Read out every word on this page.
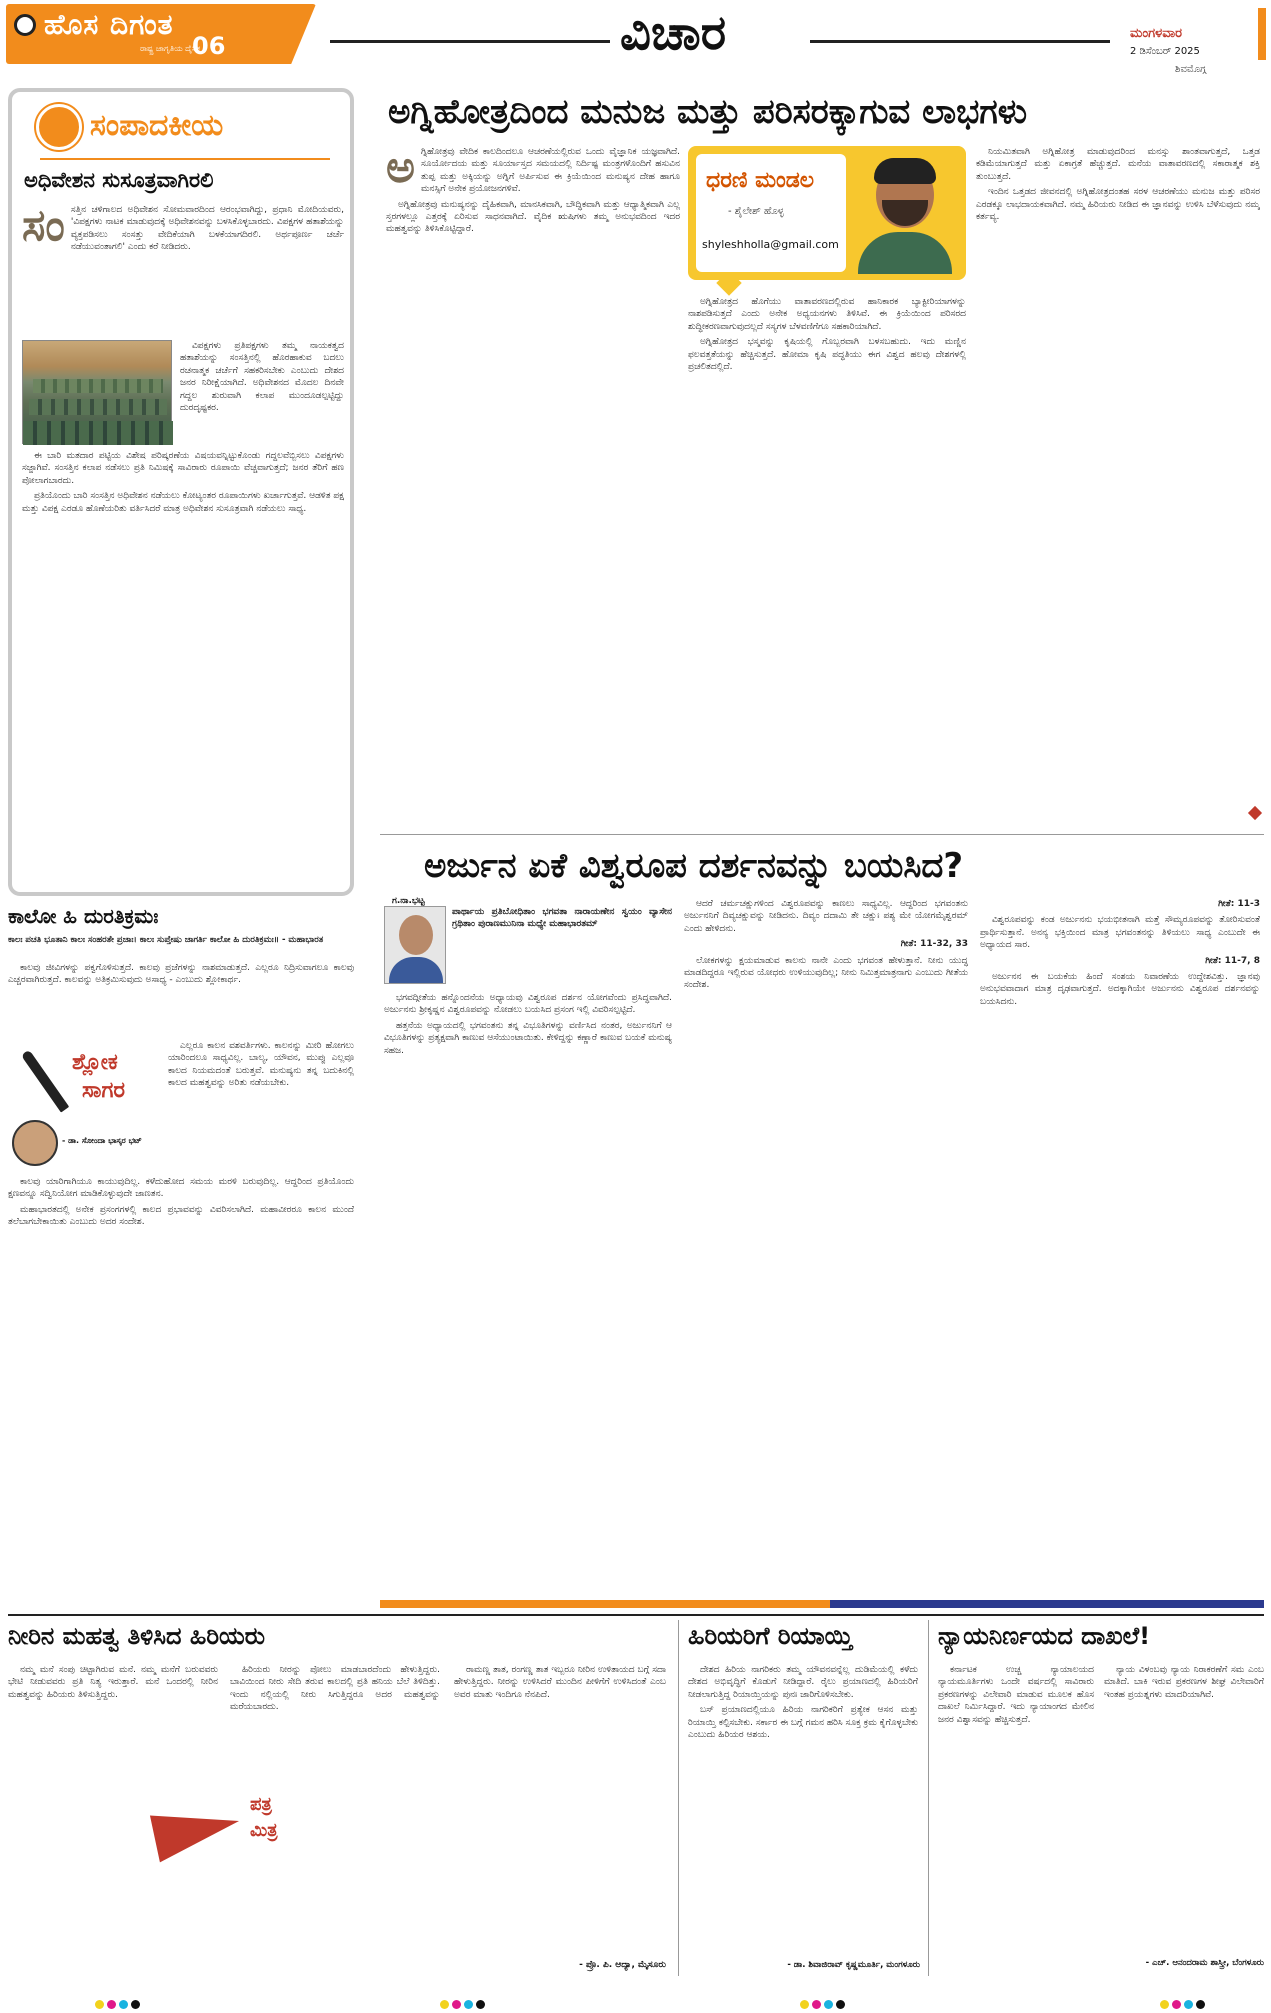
ಹೊಸ ದಿಗಂತ
ರಾಷ್ಟ್ರ ಜಾಗೃತಿಯ ದೈನಿಕ
06	ವಿಚಾರ	ಮಂಗಳವಾರ
2 ಡಿಸೆಂಬರ್ 2025
ಶಿವಮೊಗ್ಗ
ಸಂಪಾದಕೀಯ
ಅಧಿವೇಶನ ಸುಸೂತ್ರವಾಗಿರಲಿ
ಸಂ ಸತ್ತಿನ ಚಳಿಗಾಲದ ಅಧಿವೇಶನ ಸೋಮವಾರದಿಂದ ಆರಂಭವಾಗಿದ್ದು, ಪ್ರಧಾನಿ ಮೋದಿಯವರು, 'ವಿಪಕ್ಷಗಳು ನಾಟಕ ಮಾಡುವುದಕ್ಕೆ ಅಧಿವೇಶನವನ್ನು ಬಳಸಿಕೊಳ್ಳಬಾರದು. ವಿಪಕ್ಷಗಳ ಹತಾಶೆಯನ್ನು ವ್ಯಕ್ತಪಡಿಸಲು ಸಂಸತ್ತು ವೇದಿಕೆಯಾಗಿ ಬಳಕೆಯಾಗದಿರಲಿ. ಅರ್ಥಪೂರ್ಣ ಚರ್ಚೆ ನಡೆಯುವಂತಾಗಲಿ' ಎಂದು ಕರೆ ನೀಡಿದರು.

ವಿಪಕ್ಷಗಳು ಪ್ರತಿಪಕ್ಷಗಳು ತಮ್ಮ ನಾಯಕತ್ವದ ಹತಾಶೆಯನ್ನು ಸಂಸತ್ತಿನಲ್ಲಿ ಹೊರಹಾಕುವ ಬದಲು ರಚನಾತ್ಮಕ ಚರ್ಚೆಗೆ ಸಹಕರಿಸಬೇಕು ಎಂಬುದು ದೇಶದ ಜನರ ನಿರೀಕ್ಷೆಯಾಗಿದೆ. ಅಧಿವೇಶನದ ಮೊದಲ ದಿನವೇ ಗದ್ದಲ ಶುರುವಾಗಿ ಕಲಾಪ ಮುಂದೂಡಲ್ಪಟ್ಟಿದ್ದು ದುರದೃಷ್ಟಕರ.

ಈ ಬಾರಿ ಮತದಾರ ಪಟ್ಟಿಯ ವಿಶೇಷ ಪರಿಷ್ಕರಣೆಯ ವಿಷಯವನ್ನಿಟ್ಟುಕೊಂಡು ಗದ್ದಲವೆಬ್ಬಿಸಲು ವಿಪಕ್ಷಗಳು ಸಜ್ಜಾಗಿವೆ. ಸಂಸತ್ತಿನ ಕಲಾಪ ನಡೆಸಲು ಪ್ರತಿ ನಿಮಿಷಕ್ಕೆ ಸಾವಿರಾರು ರೂಪಾಯಿ ವೆಚ್ಚವಾಗುತ್ತದೆ; ಜನರ ತೆರಿಗೆ ಹಣ ಪೋಲಾಗಬಾರದು.

ಪ್ರತಿಯೊಂದು ಬಾರಿ ಸಂಸತ್ತಿನ ಅಧಿವೇಶನ ನಡೆಯಲು ಕೋಟ್ಯಂತರ ರೂಪಾಯಿಗಳು ಖರ್ಚಾಗುತ್ತವೆ. ಆಡಳಿತ ಪಕ್ಷ ಮತ್ತು ವಿಪಕ್ಷ ಎರಡೂ ಹೊಣೆಯರಿತು ವರ್ತಿಸಿದರೆ ಮಾತ್ರ ಅಧಿವೇಶನ ಸುಸೂತ್ರವಾಗಿ ನಡೆಯಲು ಸಾಧ್ಯ.

ಅಗ್ನಿಹೋತ್ರದಿಂದ ಮನುಜ ಮತ್ತು ಪರಿಸರಕ್ಕಾಗುವ ಲಾಭಗಳು
ಅ ಗ್ನಿಹೋತ್ರವು ವೇದಿಕ ಕಾಲದಿಂದಲೂ ಆಚರಣೆಯಲ್ಲಿರುವ ಒಂದು ವೈಜ್ಞಾನಿಕ ಯಜ್ಞವಾಗಿದೆ. ಸೂರ್ಯೋದಯ ಮತ್ತು ಸೂರ್ಯಾಸ್ತದ ಸಮಯದಲ್ಲಿ ನಿರ್ದಿಷ್ಟ ಮಂತ್ರಗಳೊಂದಿಗೆ ಹಸುವಿನ ತುಪ್ಪ ಮತ್ತು ಅಕ್ಕಿಯನ್ನು ಅಗ್ನಿಗೆ ಅರ್ಪಿಸುವ ಈ ಕ್ರಿಯೆಯಿಂದ ಮನುಷ್ಯನ ದೇಹ ಹಾಗೂ ಮನಸ್ಸಿಗೆ ಅನೇಕ ಪ್ರಯೋಜನಗಳಿವೆ.

ಅಗ್ನಿಹೋತ್ರವು ಮನುಷ್ಯನನ್ನು ದೈಹಿಕವಾಗಿ, ಮಾನಸಿಕವಾಗಿ, ಬೌದ್ಧಿಕವಾಗಿ ಮತ್ತು ಆಧ್ಯಾತ್ಮಿಕವಾಗಿ ಎಲ್ಲ ಸ್ತರಗಳಲ್ಲೂ ಎತ್ತರಕ್ಕೆ ಏರಿಸುವ ಸಾಧನವಾಗಿದೆ. ವೈದಿಕ ಋಷಿಗಳು ತಮ್ಮ ಅನುಭವದಿಂದ ಇದರ ಮಹತ್ವವನ್ನು ತಿಳಿಸಿಕೊಟ್ಟಿದ್ದಾರೆ.

ಧರಣಿ ಮಂಡಲ
- ಶೈಲೇಶ್ ಹೊಳ್ಳ
shyleshholla@gmail.com

ಅಗ್ನಿಹೋತ್ರದ ಹೊಗೆಯು ವಾತಾವರಣದಲ್ಲಿರುವ ಹಾನಿಕಾರಕ ಬ್ಯಾಕ್ಟೀರಿಯಾಗಳನ್ನು ನಾಶಪಡಿಸುತ್ತದೆ ಎಂದು ಅನೇಕ ಅಧ್ಯಯನಗಳು ತಿಳಿಸಿವೆ. ಈ ಕ್ರಿಯೆಯಿಂದ ಪರಿಸರದ ಶುದ್ಧೀಕರಣವಾಗುವುದಲ್ಲದೆ ಸಸ್ಯಗಳ ಬೆಳವಣಿಗೆಗೂ ಸಹಕಾರಿಯಾಗಿದೆ.

ಅಗ್ನಿಹೋತ್ರದ ಭಸ್ಮವನ್ನು ಕೃಷಿಯಲ್ಲಿ ಗೊಬ್ಬರವಾಗಿ ಬಳಸಬಹುದು. ಇದು ಮಣ್ಣಿನ ಫಲವತ್ತತೆಯನ್ನು ಹೆಚ್ಚಿಸುತ್ತದೆ. ಹೋಮಾ ಕೃಷಿ ಪದ್ಧತಿಯು ಈಗ ವಿಶ್ವದ ಹಲವು ದೇಶಗಳಲ್ಲಿ ಪ್ರಚಲಿತದಲ್ಲಿದೆ.

ನಿಯಮಿತವಾಗಿ ಅಗ್ನಿಹೋತ್ರ ಮಾಡುವುದರಿಂದ ಮನಸ್ಸು ಶಾಂತವಾಗುತ್ತದೆ, ಒತ್ತಡ ಕಡಿಮೆಯಾಗುತ್ತದೆ ಮತ್ತು ಏಕಾಗ್ರತೆ ಹೆಚ್ಚುತ್ತದೆ. ಮನೆಯ ವಾತಾವರಣದಲ್ಲಿ ಸಕಾರಾತ್ಮಕ ಶಕ್ತಿ ತುಂಬುತ್ತದೆ.

ಇಂದಿನ ಒತ್ತಡದ ಜೀವನದಲ್ಲಿ ಅಗ್ನಿಹೋತ್ರದಂತಹ ಸರಳ ಆಚರಣೆಯು ಮನುಜ ಮತ್ತು ಪರಿಸರ ಎರಡಕ್ಕೂ ಲಾಭದಾಯಕವಾಗಿದೆ. ನಮ್ಮ ಹಿರಿಯರು ನೀಡಿದ ಈ ಜ್ಞಾನವನ್ನು ಉಳಿಸಿ ಬೆಳೆಸುವುದು ನಮ್ಮ ಕರ್ತವ್ಯ.

ಕಾಲೋ ಹಿ ದುರತಿಕ್ರಮಃ
ಕಾಲಃ ಪಚತಿ ಭೂತಾನಿ ಕಾಲಃ ಸಂಹರತೇ ಪ್ರಜಾಃ। ಕಾಲಃ ಸುಪ್ತೇಷು ಜಾಗರ್ತಿ ಕಾಲೋ ಹಿ ದುರತಿಕ್ರಮಃ॥ - ಮಹಾಭಾರತ

ಕಾಲವು ಜೀವಿಗಳನ್ನು ಪಕ್ವಗೊಳಿಸುತ್ತದೆ. ಕಾಲವು ಪ್ರಜೆಗಳನ್ನು ನಾಶಮಾಡುತ್ತದೆ. ಎಲ್ಲರೂ ನಿದ್ರಿಸುವಾಗಲೂ ಕಾಲವು ಎಚ್ಚರವಾಗಿರುತ್ತದೆ. ಕಾಲವನ್ನು ಅತಿಕ್ರಮಿಸುವುದು ಅಸಾಧ್ಯ - ಎಂಬುದು ಶ್ಲೋಕಾರ್ಥ.

ಶ್ಲೋಕ
ಸಾಗರ
- ಡಾ. ಸೋಂದಾ ಭಾಸ್ಕರ ಭಟ್

ಎಲ್ಲರೂ ಕಾಲನ ವಶವರ್ತಿಗಳು. ಕಾಲನನ್ನು ಮೀರಿ ಹೋಗಲು ಯಾರಿಂದಲೂ ಸಾಧ್ಯವಿಲ್ಲ. ಬಾಲ್ಯ, ಯೌವನ, ಮುಪ್ಪು ಎಲ್ಲವೂ ಕಾಲದ ನಿಯಮದಂತೆ ಬರುತ್ತವೆ. ಮನುಷ್ಯನು ತನ್ನ ಬದುಕಿನಲ್ಲಿ ಕಾಲದ ಮಹತ್ವವನ್ನು ಅರಿತು ನಡೆಯಬೇಕು.

ಕಾಲವು ಯಾರಿಗಾಗಿಯೂ ಕಾಯುವುದಿಲ್ಲ. ಕಳೆದುಹೋದ ಸಮಯ ಮರಳಿ ಬರುವುದಿಲ್ಲ. ಆದ್ದರಿಂದ ಪ್ರತಿಯೊಂದು ಕ್ಷಣವನ್ನೂ ಸದ್ವಿನಿಯೋಗ ಮಾಡಿಕೊಳ್ಳುವುದೇ ಜಾಣತನ.

ಮಹಾಭಾರತದಲ್ಲಿ ಅನೇಕ ಪ್ರಸಂಗಗಳಲ್ಲಿ ಕಾಲದ ಪ್ರಭಾವವನ್ನು ವಿವರಿಸಲಾಗಿದೆ. ಮಹಾವೀರರೂ ಕಾಲನ ಮುಂದೆ ತಲೆಬಾಗಬೇಕಾಯಿತು ಎಂಬುದು ಅದರ ಸಂದೇಶ.

ಅರ್ಜುನ ಏಕೆ ವಿಶ್ವರೂಪ ದರ್ಶನವನ್ನು ಬಯಸಿದ?
ಗ.ನಾ.ಭಟ್ಟ
ಪಾರ್ಥಾಯ ಪ್ರತಿಬೋಧಿತಾಂ ಭಗವತಾ ನಾರಾಯಣೇನ ಸ್ವಯಂ ವ್ಯಾಸೇನ ಗ್ರಥಿತಾಂ ಪುರಾಣಮುನಿನಾ ಮಧ್ಯೇ ಮಹಾಭಾರತಮ್

ಭಗವದ್ಗೀತೆಯ ಹನ್ನೊಂದನೆಯ ಅಧ್ಯಾಯವು ವಿಶ್ವರೂಪ ದರ್ಶನ ಯೋಗವೆಂದು ಪ್ರಸಿದ್ಧವಾಗಿದೆ. ಅರ್ಜುನನು ಶ್ರೀಕೃಷ್ಣನ ವಿಶ್ವರೂಪವನ್ನು ನೋಡಲು ಬಯಸಿದ ಪ್ರಸಂಗ ಇಲ್ಲಿ ವಿವರಿಸಲ್ಪಟ್ಟಿದೆ.

ಹತ್ತನೆಯ ಅಧ್ಯಾಯದಲ್ಲಿ ಭಗವಂತನು ತನ್ನ ವಿಭೂತಿಗಳನ್ನು ವರ್ಣಿಸಿದ ನಂತರ, ಅರ್ಜುನನಿಗೆ ಆ ವಿಭೂತಿಗಳನ್ನು ಪ್ರತ್ಯಕ್ಷವಾಗಿ ಕಾಣುವ ಆಸೆಯುಂಟಾಯಿತು. ಕೇಳಿದ್ದನ್ನು ಕಣ್ಣಾರೆ ಕಾಣುವ ಬಯಕೆ ಮನುಷ್ಯ ಸಹಜ.

ಆದರೆ ಚರ್ಮಚಕ್ಷುಗಳಿಂದ ವಿಶ್ವರೂಪವನ್ನು ಕಾಣಲು ಸಾಧ್ಯವಿಲ್ಲ. ಆದ್ದರಿಂದ ಭಗವಂತನು ಅರ್ಜುನನಿಗೆ ದಿವ್ಯಚಕ್ಷುವನ್ನು ನೀಡಿದನು. ದಿವ್ಯಂ ದದಾಮಿ ತೇ ಚಕ್ಷುಃ ಪಶ್ಯ ಮೇ ಯೋಗಮೈಶ್ವರಮ್ ಎಂದು ಹೇಳಿದನು.

ಗೀತೆ: 11-32, 33

ಲೋಕಗಳನ್ನು ಕ್ಷಯಮಾಡುವ ಕಾಲನು ನಾನೇ ಎಂದು ಭಗವಂತ ಹೇಳುತ್ತಾನೆ. ನೀನು ಯುದ್ಧ ಮಾಡದಿದ್ದರೂ ಇಲ್ಲಿರುವ ಯೋಧರು ಉಳಿಯುವುದಿಲ್ಲ; ನೀನು ನಿಮಿತ್ತಮಾತ್ರನಾಗು ಎಂಬುದು ಗೀತೆಯ ಸಂದೇಶ.

ಗೀತೆ: 11-3

ವಿಶ್ವರೂಪವನ್ನು ಕಂಡ ಅರ್ಜುನನು ಭಯಭೀತನಾಗಿ ಮತ್ತೆ ಸೌಮ್ಯರೂಪವನ್ನು ತೋರಿಸುವಂತೆ ಪ್ರಾರ್ಥಿಸುತ್ತಾನೆ. ಅನನ್ಯ ಭಕ್ತಿಯಿಂದ ಮಾತ್ರ ಭಗವಂತನನ್ನು ತಿಳಿಯಲು ಸಾಧ್ಯ ಎಂಬುದೇ ಈ ಅಧ್ಯಾಯದ ಸಾರ.

ಗೀತೆ: 11-7, 8

ಅರ್ಜುನನ ಈ ಬಯಕೆಯ ಹಿಂದೆ ಸಂಶಯ ನಿವಾರಣೆಯ ಉದ್ದೇಶವಿತ್ತು. ಜ್ಞಾನವು ಅನುಭವವಾದಾಗ ಮಾತ್ರ ದೃಢವಾಗುತ್ತದೆ. ಅದಕ್ಕಾಗಿಯೇ ಅರ್ಜುನನು ವಿಶ್ವರೂಪ ದರ್ಶನವನ್ನು ಬಯಸಿದನು.

ನೀರಿನ ಮಹತ್ವ ತಿಳಿಸಿದ ಹಿರಿಯರು

ನಮ್ಮ ಮನೆ ಸಂಪು ಚಿಟ್ಟಾಗಿರುವ ಮನೆ. ನಮ್ಮ ಮನೆಗೆ ಬರುವವರು ಭೇಟಿ ನೀಡುವವರು ಪ್ರತಿ ನಿತ್ಯ ಇರುತ್ತಾರೆ. ಮನೆ ಒಂದರಲ್ಲಿ ನೀರಿನ ಮಹತ್ವವನ್ನು ಹಿರಿಯರು ತಿಳಿಸುತ್ತಿದ್ದರು.

ಪತ್ರ
ಮಿತ್ರ

ಹಿರಿಯರು ನೀರನ್ನು ಪೋಲು ಮಾಡಬಾರದೆಂದು ಹೇಳುತ್ತಿದ್ದರು. ಬಾವಿಯಿಂದ ನೀರು ಸೇದಿ ತರುವ ಕಾಲದಲ್ಲಿ ಪ್ರತಿ ಹನಿಯ ಬೆಲೆ ತಿಳಿದಿತ್ತು. ಇಂದು ನಲ್ಲಿಯಲ್ಲಿ ನೀರು ಸಿಗುತ್ತಿದ್ದರೂ ಅದರ ಮಹತ್ವವನ್ನು ಮರೆಯಬಾರದು.

ರಾಮಣ್ಣ ತಾತ, ರಂಗಣ್ಣ ತಾತ ಇಬ್ಬರೂ ನೀರಿನ ಉಳಿತಾಯದ ಬಗ್ಗೆ ಸದಾ ಹೇಳುತ್ತಿದ್ದರು. ನೀರನ್ನು ಉಳಿಸಿದರೆ ಮುಂದಿನ ಪೀಳಿಗೆಗೆ ಉಳಿಸಿದಂತೆ ಎಂಬ ಅವರ ಮಾತು ಇಂದಿಗೂ ನೆನಪಿದೆ.

- ಪ್ರೊ. ಪಿ. ಆದ್ಯಾ, ಮೈಸೂರು
ಹಿರಿಯರಿಗೆ ರಿಯಾಯ್ತಿ

ದೇಶದ ಹಿರಿಯ ನಾಗರಿಕರು ತಮ್ಮ ಯೌವನವನ್ನೆಲ್ಲ ದುಡಿಮೆಯಲ್ಲಿ ಕಳೆದು ದೇಶದ ಅಭಿವೃದ್ಧಿಗೆ ಕೊಡುಗೆ ನೀಡಿದ್ದಾರೆ. ರೈಲು ಪ್ರಯಾಣದಲ್ಲಿ ಹಿರಿಯರಿಗೆ ನೀಡಲಾಗುತ್ತಿದ್ದ ರಿಯಾಯ್ತಿಯನ್ನು ಪುನಃ ಜಾರಿಗೊಳಿಸಬೇಕು.

ಬಸ್ ಪ್ರಯಾಣದಲ್ಲಿಯೂ ಹಿರಿಯ ನಾಗರಿಕರಿಗೆ ಪ್ರತ್ಯೇಕ ಆಸನ ಮತ್ತು ರಿಯಾಯ್ತಿ ಕಲ್ಪಿಸಬೇಕು. ಸರ್ಕಾರ ಈ ಬಗ್ಗೆ ಗಮನ ಹರಿಸಿ ಸೂಕ್ತ ಕ್ರಮ ಕೈಗೊಳ್ಳಬೇಕು ಎಂಬುದು ಹಿರಿಯರ ಆಶಯ.

- ಡಾ. ಶಿವಾಜಿರಾವ್ ಕೃಷ್ಣಮೂರ್ತಿ, ಮಂಗಳೂರು
ನ್ಯಾಯನಿರ್ಣಯದ ದಾಖಲೆ!

ಕರ್ನಾಟಕ ಉಚ್ಚ ನ್ಯಾಯಾಲಯದ ನ್ಯಾಯಮೂರ್ತಿಗಳು ಒಂದೇ ವರ್ಷದಲ್ಲಿ ಸಾವಿರಾರು ಪ್ರಕರಣಗಳನ್ನು ವಿಲೇವಾರಿ ಮಾಡುವ ಮೂಲಕ ಹೊಸ ದಾಖಲೆ ನಿರ್ಮಿಸಿದ್ದಾರೆ. ಇದು ನ್ಯಾಯಾಂಗದ ಮೇಲಿನ ಜನರ ವಿಶ್ವಾಸವನ್ನು ಹೆಚ್ಚಿಸುತ್ತದೆ.

ನ್ಯಾಯ ವಿಳಂಬವು ನ್ಯಾಯ ನಿರಾಕರಣೆಗೆ ಸಮ ಎಂಬ ಮಾತಿದೆ. ಬಾಕಿ ಇರುವ ಪ್ರಕರಣಗಳ ಶೀಘ್ರ ವಿಲೇವಾರಿಗೆ ಇಂತಹ ಪ್ರಯತ್ನಗಳು ಮಾದರಿಯಾಗಿವೆ.

- ಎಚ್. ಆನಂದರಾಮ ಶಾಸ್ತ್ರೀ, ಬೆಂಗಳೂರು
